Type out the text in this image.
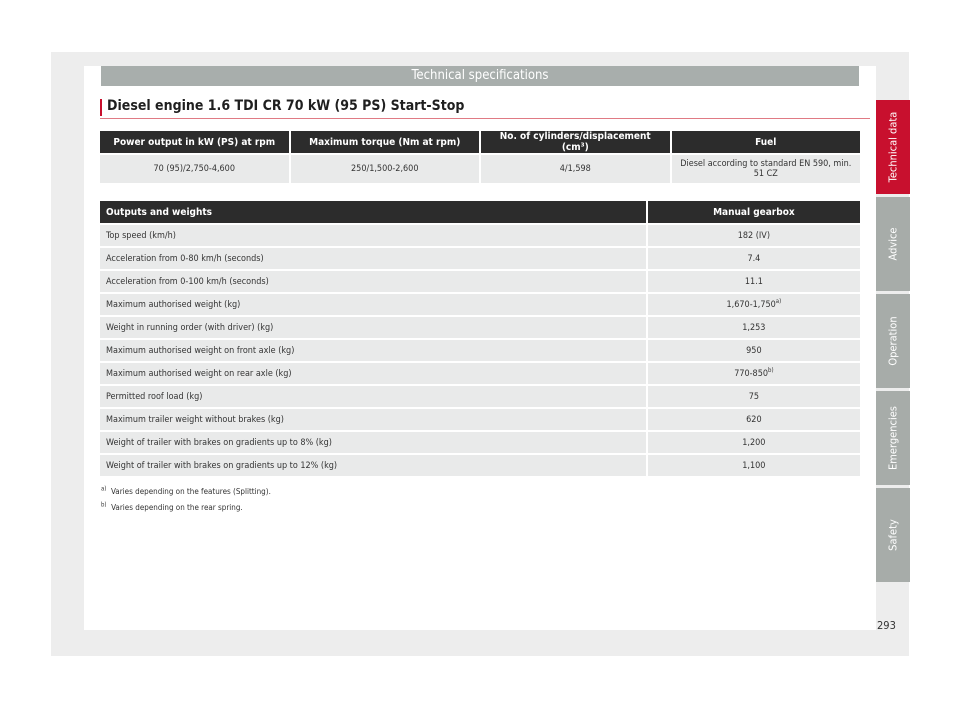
Technical specifications
Diesel engine 1.6 TDI CR 70 kW (95 PS) Start-Stop
Power output in kW (PS) at rpm	Maximum torque (Nm at rpm)	No. of cylinders/displacement (cm³)	Fuel
70 (95)/2,750-4,600	250/1,500-2,600	4/1,598	Diesel according to standard EN 590, min. 51 CZ
Outputs and weights	Manual gearbox
Top speed (km/h)	182 (IV)
Acceleration from 0-80 km/h (seconds)	7.4
Acceleration from 0-100 km/h (seconds)	11.1
Maximum authorised weight (kg)	1,670-1,750$^{a)}$
Weight in running order (with driver) (kg)	1,253
Maximum authorised weight on front axle (kg)	950
Maximum authorised weight on rear axle (kg)	770-850$^{b)}$
Permitted roof load (kg)	75
Maximum trailer weight without brakes (kg)	620
Weight of trailer with brakes on gradients up to 8% (kg)	1,200
Weight of trailer with brakes on gradients up to 12% (kg)	1,100
$^{a)}$ Varies depending on the features (Splitting).
$^{b)}$ Varies depending on the rear spring.
Technical data
Advice
Operation
Emergencies
Safety
293
